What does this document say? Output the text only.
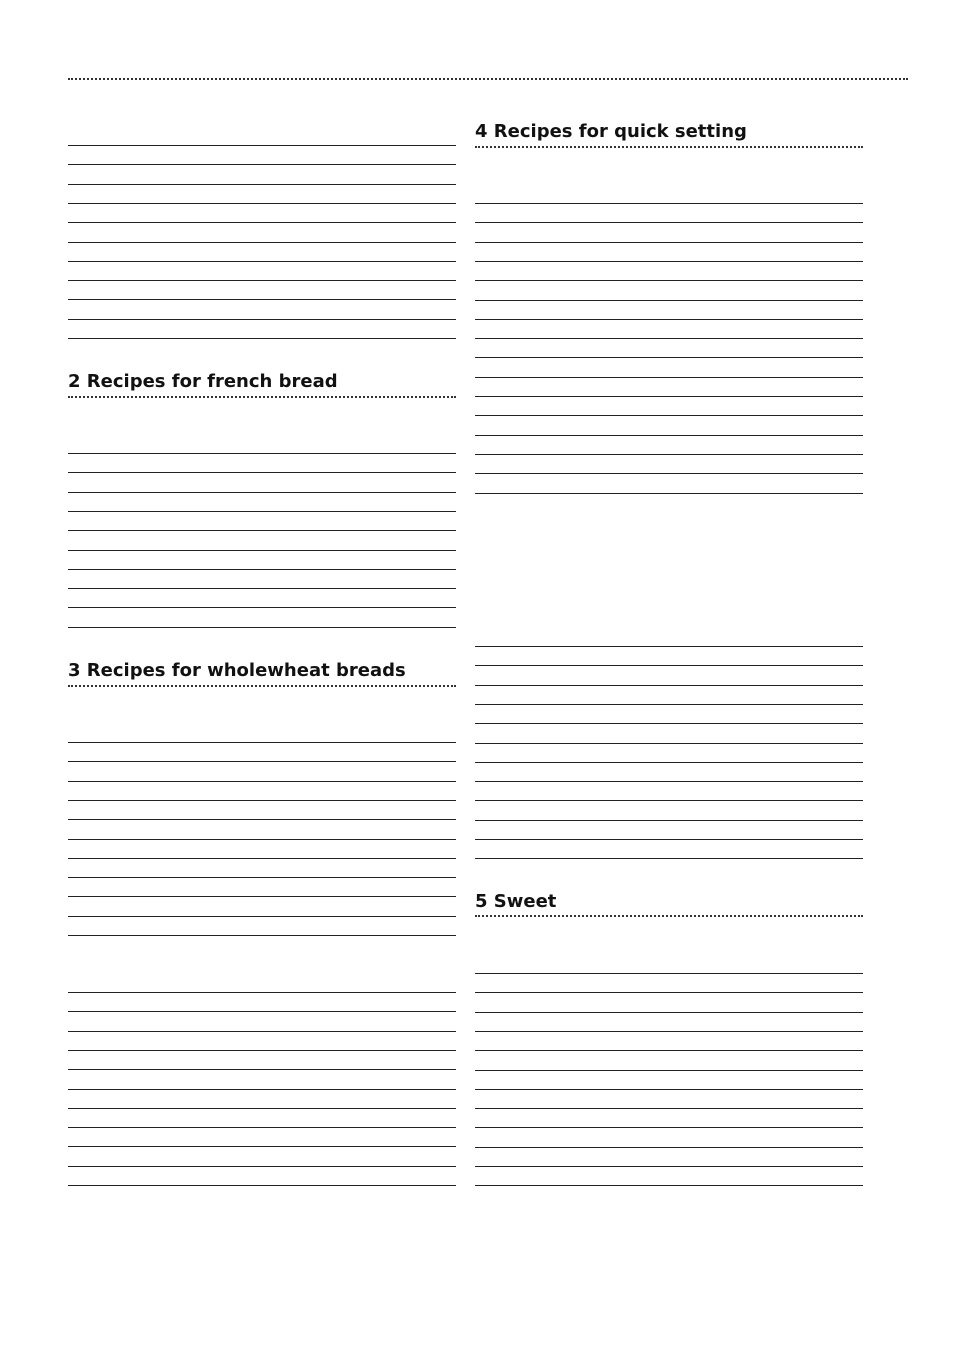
2 Recipes for french bread
3 Recipes for wholewheat breads
4 Recipes for quick setting
5 Sweet
